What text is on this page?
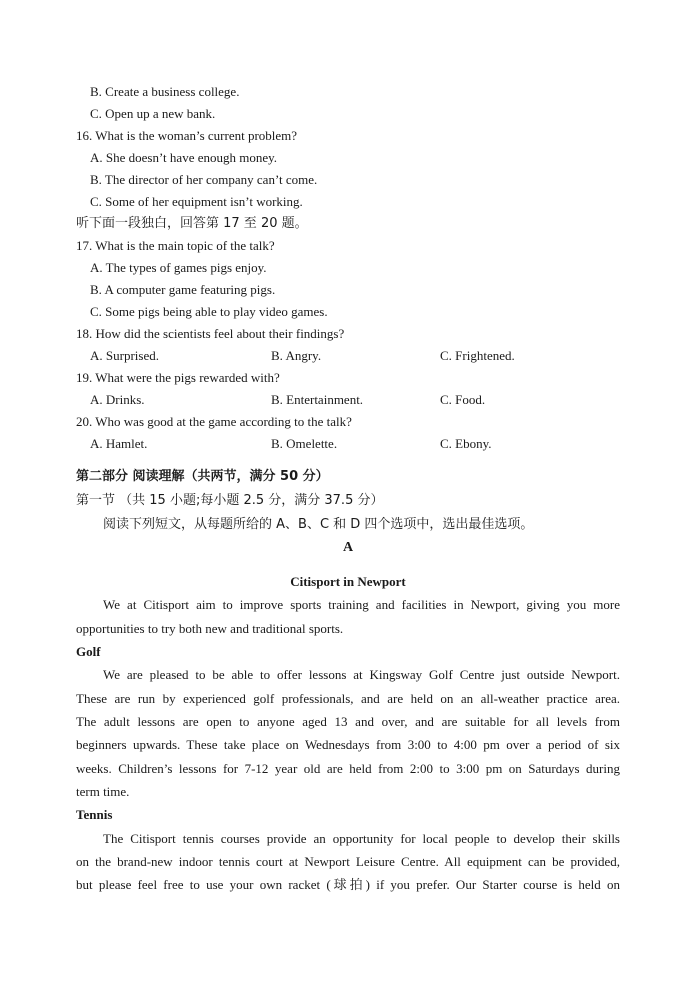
B. Create a business college.
C. Open up a new bank.
16. What is the woman’s current problem?
A. She doesn’t have enough money.
B. The director of her company can’t come.
C. Some of her equipment isn’t working.
听下面一段独白，回答第 17 至 20 题。
17. What is the main topic of the talk?
A. The types of games pigs enjoy.
B. A computer game featuring pigs.
C. Some pigs being able to play video games.
18. How did the scientists feel about their findings?
A. Surprised.	B. Angry.	C. Frightened.
19. What were the pigs rewarded with?
A. Drinks.	B. Entertainment.	C. Food.
20. Who was good at the game according to the talk?
A. Hamlet.	B. Omelette.	C. Ebony.
第二部分 阅读理解（共两节，满分 50 分）
第一节 （共 15 小题;每小题 2.5 分，满分 37.5 分）
阅读下列短文，从每题所给的 A、B、C 和 D 四个选项中，选出最佳选项。
A
Citisport in Newport
We at Citisport aim to improve sports training and facilities in Newport, giving you more
opportunities to try both new and traditional sports.
Golf
We are pleased to be able to offer lessons at Kingsway Golf Centre just outside Newport.
These are run by experienced golf professionals, and are held on an all-weather practice area.
The adult lessons are open to anyone aged 13 and over, and are suitable for all levels from
beginners upwards. These take place on Wednesdays from 3:00 to 4:00 pm over a period of six
weeks. Children’s lessons for 7-12 year old are held from 2:00 to 3:00 pm on Saturdays during
term time.
Tennis
The Citisport tennis courses provide an opportunity for local people to develop their skills
on the brand-new indoor tennis court at Newport Leisure Centre. All equipment can be provided,
but please feel free to use your own racket (球拍) if you prefer. Our Starter course is held on
